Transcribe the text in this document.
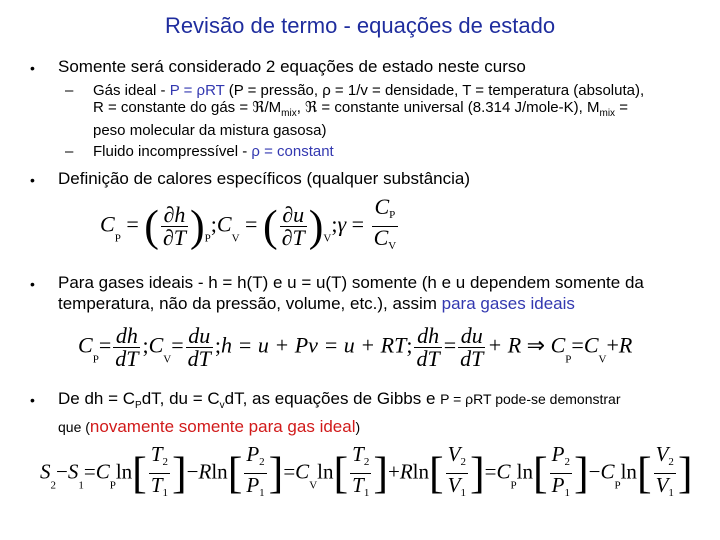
Revisão de termo - equações de estado
• Somente será considerado 2 equações de estado neste curso
– Gás ideal - P = ρRT (P = pressão, ρ = 1/v = densidade, T = temperatura (absoluta),
R = constante do gás = $ℜ/M_{mix}$, ℜ = constante universal (8.314 J/mole-K), $M_{mix}$ =
peso molecular da mistura gasosa)
– Fluido incompressível - ρ = constant
• Definição de calores específicos (qualquer substância)
$C_P$ = ( $\frac{\partial h}{\partial T}$ )$_P;C_V$ = ( $\frac{\partial u}{\partial T}$ )$_V;\gamma = \frac{CP}{CV}$
• Para gases ideais - h = h(T) e u = u(T) somente (h e u dependem somente da
temperatura, não da pressão, volume, etc.), assim para gases ideais
$C_P= \frac{dh}{dT}$ $;C_V= \frac{du}{dT}$ ;h = u + Pv = u + RT; $\frac{dh}{dT} = \frac{du}{dT} + R$ ⇒ $C_P=C_V+R$
• De dh = $C_PdT$, du = $C_vdT$, as equações de Gibbs e P = ρRT pode-se demonstrar
que (novamente somente para gas ideal)
$S_2-S_1=C_P\ln[ \frac{T2}{T1} ]-Rln[ \frac{P2}{P1} ]=C_V\ln[ \frac{T2}{T1} ]+Rln[ \frac{V2}{V1} ]=C_P\ln[ \frac{P2}{P1} ]-C_P\ln[ \frac{V2}{V1}$ ]
